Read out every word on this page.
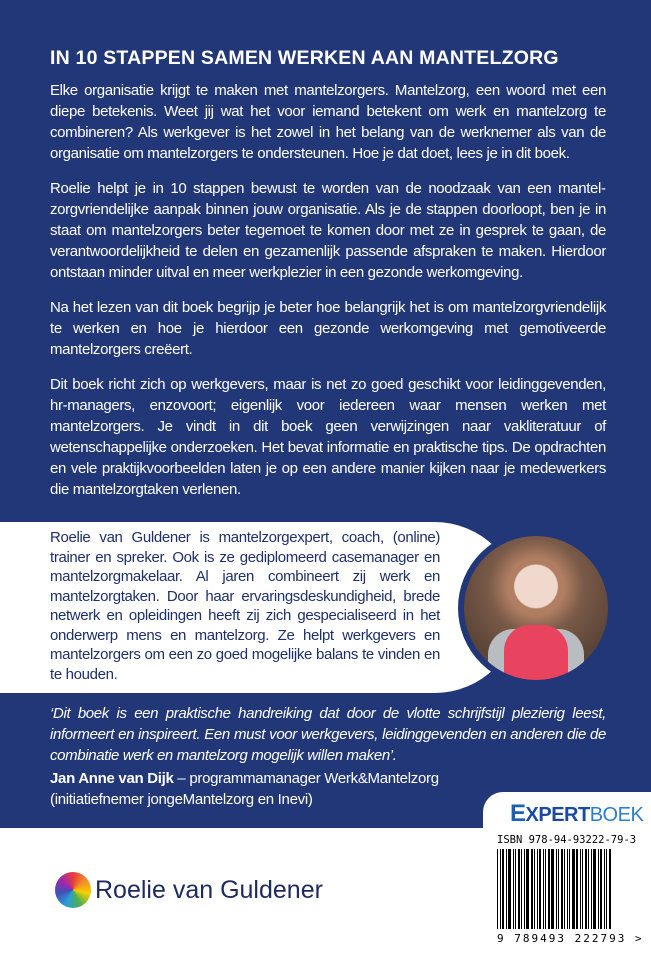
IN 10 STAPPEN SAMEN WERKEN AAN MANTELZORG

Elke organisatie krijgt te maken met mantelzorgers. Mantelzorg, een woord met een diepe betekenis. Weet jij wat het voor iemand betekent om werk en mantelzorg te combineren? Als werkgever is het zowel in het belang van de werknemer als van de organisatie om mantelzorgers te ondersteunen. Hoe je dat doet, lees je in dit boek.

Roelie helpt je in 10 stappen bewust te worden van de noodzaak van een mantelzorgvriendelijke aanpak binnen jouw organisatie. Als je de stappen doorloopt, ben je in staat om mantelzorgers beter tegemoet te komen door met ze in gesprek te gaan, de verantwoordelijkheid te delen en gezamenlijk passende afspraken te maken. Hierdoor ontstaan minder uitval en meer werkplezier in een gezonde werkomgeving.

Na het lezen van dit boek begrijp je beter hoe belangrijk het is om mantelzorgvriendelijk te werken en hoe je hierdoor een gezonde werkomgeving met gemotiveerde mantelzorgers creëert.

Dit boek richt zich op werkgevers, maar is net zo goed geschikt voor leidinggevenden, hr-managers, enzovoort; eigenlijk voor iedereen waar mensen werken met mantelzorgers. Je vindt in dit boek geen verwijzingen naar vakliteratuur of wetenschappelijke onderzoeken. Het bevat informatie en praktische tips. De opdrachten en vele praktijkvoorbeelden laten je op een andere manier kijken naar je medewerkers die mantelzorgtaken verlenen.

Roelie van Guldener is mantelzorgexpert, coach, (online) trainer en spreker. Ook is ze gediplomeerd casemanager en mantelzorgmakelaar. Al jaren combineert zij werk en mantelzorgtaken. Door haar ervaringsdeskundigheid, brede netwerk en opleidingen heeft zij zich gespecialiseerd in het onderwerp mens en mantelzorg. Ze helpt werkgevers en mantelzorgers om een zo goed mogelijke balans te vinden en te houden.

‘Dit boek is een praktische handreiking dat door de vlotte schrijfstijl plezierig leest, informeert en inspireert. Een must voor werkgevers, leidinggevenden en anderen die de combinatie werk en mantelzorg mogelijk willen maken’.

Jan Anne van Dijk – programmamanager Werk&Mantelzorg
(initiatiefnemer jongeMantelzorg en Inevi)
Roelie van Guldener
EXPERTBOEK
ISBN 978-94-93222-79-3
9 789493 222793 >
